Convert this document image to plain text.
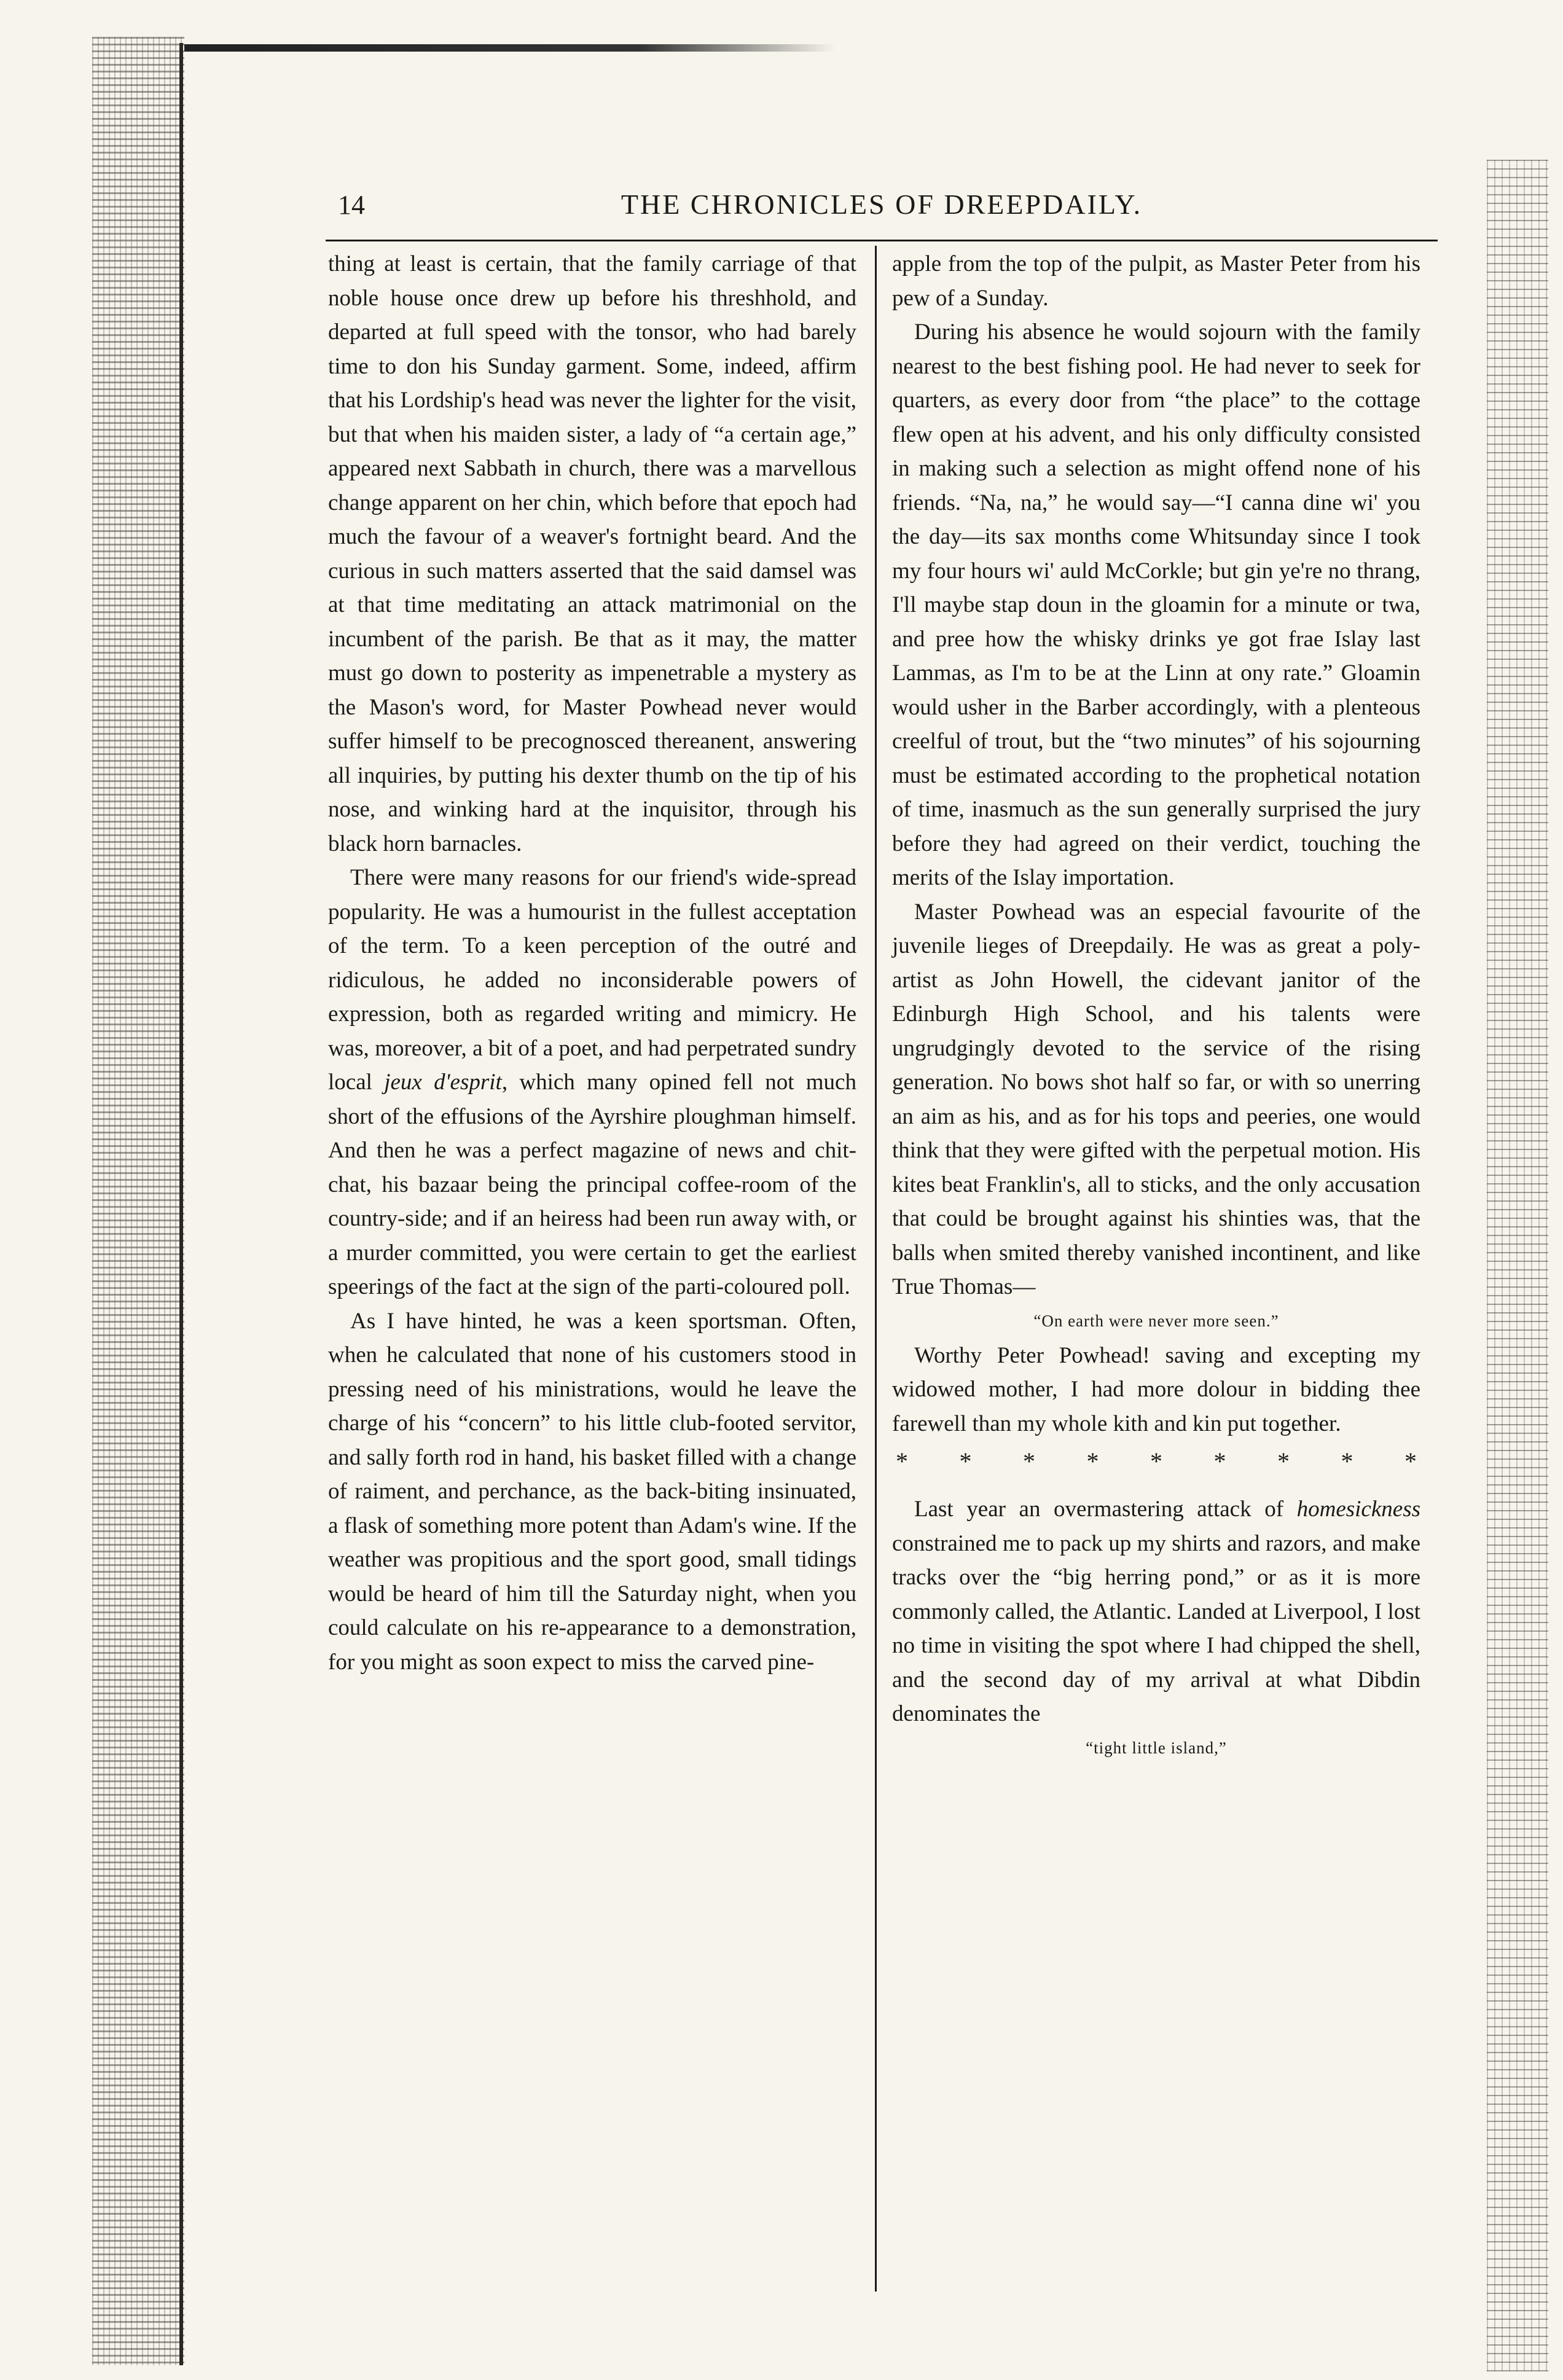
14	THE CHRONICLES OF DREEPDAILY.

thing at least is certain, that the family carriage of that noble house once drew up before his threshhold, and departed at full speed with the tonsor, who had barely time to don his Sunday garment. Some, indeed, affirm that his Lordship's head was never the lighter for the visit, but that when his maiden sister, a lady of “a certain age,” appeared next Sabbath in church, there was a marvellous change apparent on her chin, which before that epoch had much the favour of a weaver's fortnight beard. And the curious in such matters asserted that the said damsel was at that time meditating an attack matrimonial on the incumbent of the parish. Be that as it may, the matter must go down to posterity as impenetrable a mystery as the Mason's word, for Master Powhead never would suffer himself to be precognosced thereanent, answering all inquiries, by putting his dexter thumb on the tip of his nose, and winking hard at the inquisitor, through his black horn barnacles.

There were many reasons for our friend's wide-spread popularity. He was a humourist in the fullest acceptation of the term. To a keen perception of the outré and ridiculous, he added no inconsiderable powers of expression, both as regarded writing and mimicry. He was, moreover, a bit of a poet, and had perpetrated sundry local jeux d'esprit, which many opined fell not much short of the effusions of the Ayrshire ploughman himself. And then he was a perfect magazine of news and chit-chat, his bazaar being the principal coffee-room of the country-side; and if an heiress had been run away with, or a murder committed, you were certain to get the earliest speerings of the fact at the sign of the parti-coloured poll.

As I have hinted, he was a keen sportsman. Often, when he calculated that none of his customers stood in pressing need of his ministrations, would he leave the charge of his “concern” to his little club-footed servitor, and sally forth rod in hand, his basket filled with a change of raiment, and perchance, as the back-biting insinuated, a flask of something more potent than Adam's wine. If the weather was propitious and the sport good, small tidings would be heard of him till the Saturday night, when you could calculate on his re-appearance to a demonstration, for you might as soon expect to miss the carved pine-

apple from the top of the pulpit, as Master Peter from his pew of a Sunday.

During his absence he would sojourn with the family nearest to the best fishing pool. He had never to seek for quarters, as every door from “the place” to the cottage flew open at his advent, and his only difficulty consisted in making such a selection as might offend none of his friends. “Na, na,” he would say—“I canna dine wi' you the day—its sax months come Whitsunday since I took my four hours wi' auld McCorkle; but gin ye're no thrang, I'll maybe stap doun in the gloamin for a minute or twa, and pree how the whisky drinks ye got frae Islay last Lammas, as I'm to be at the Linn at ony rate.” Gloamin would usher in the Barber accordingly, with a plenteous creelful of trout, but the “two minutes” of his sojourning must be estimated according to the prophetical notation of time, inasmuch as the sun generally surprised the jury before they had agreed on their verdict, touching the merits of the Islay importation.

Master Powhead was an especial favourite of the juvenile lieges of Dreepdaily. He was as great a poly-artist as John Howell, the cidevant janitor of the Edinburgh High School, and his talents were ungrudgingly devoted to the service of the rising generation. No bows shot half so far, or with so unerring an aim as his, and as for his tops and peeries, one would think that they were gifted with the perpetual motion. His kites beat Franklin's, all to sticks, and the only accusation that could be brought against his shinties was, that the balls when smited thereby vanished incontinent, and like True Thomas—

“On earth were never more seen.”

Worthy Peter Powhead! saving and excepting my widowed mother, I had more dolour in bidding thee farewell than my whole kith and kin put together.

* * * * * * * * *

Last year an overmastering attack of homesickness constrained me to pack up my shirts and razors, and make tracks over the “big herring pond,” or as it is more commonly called, the Atlantic. Landed at Liverpool, I lost no time in visiting the spot where I had chipped the shell, and the second day of my arrival at what Dibdin denominates the

“tight little island,”
